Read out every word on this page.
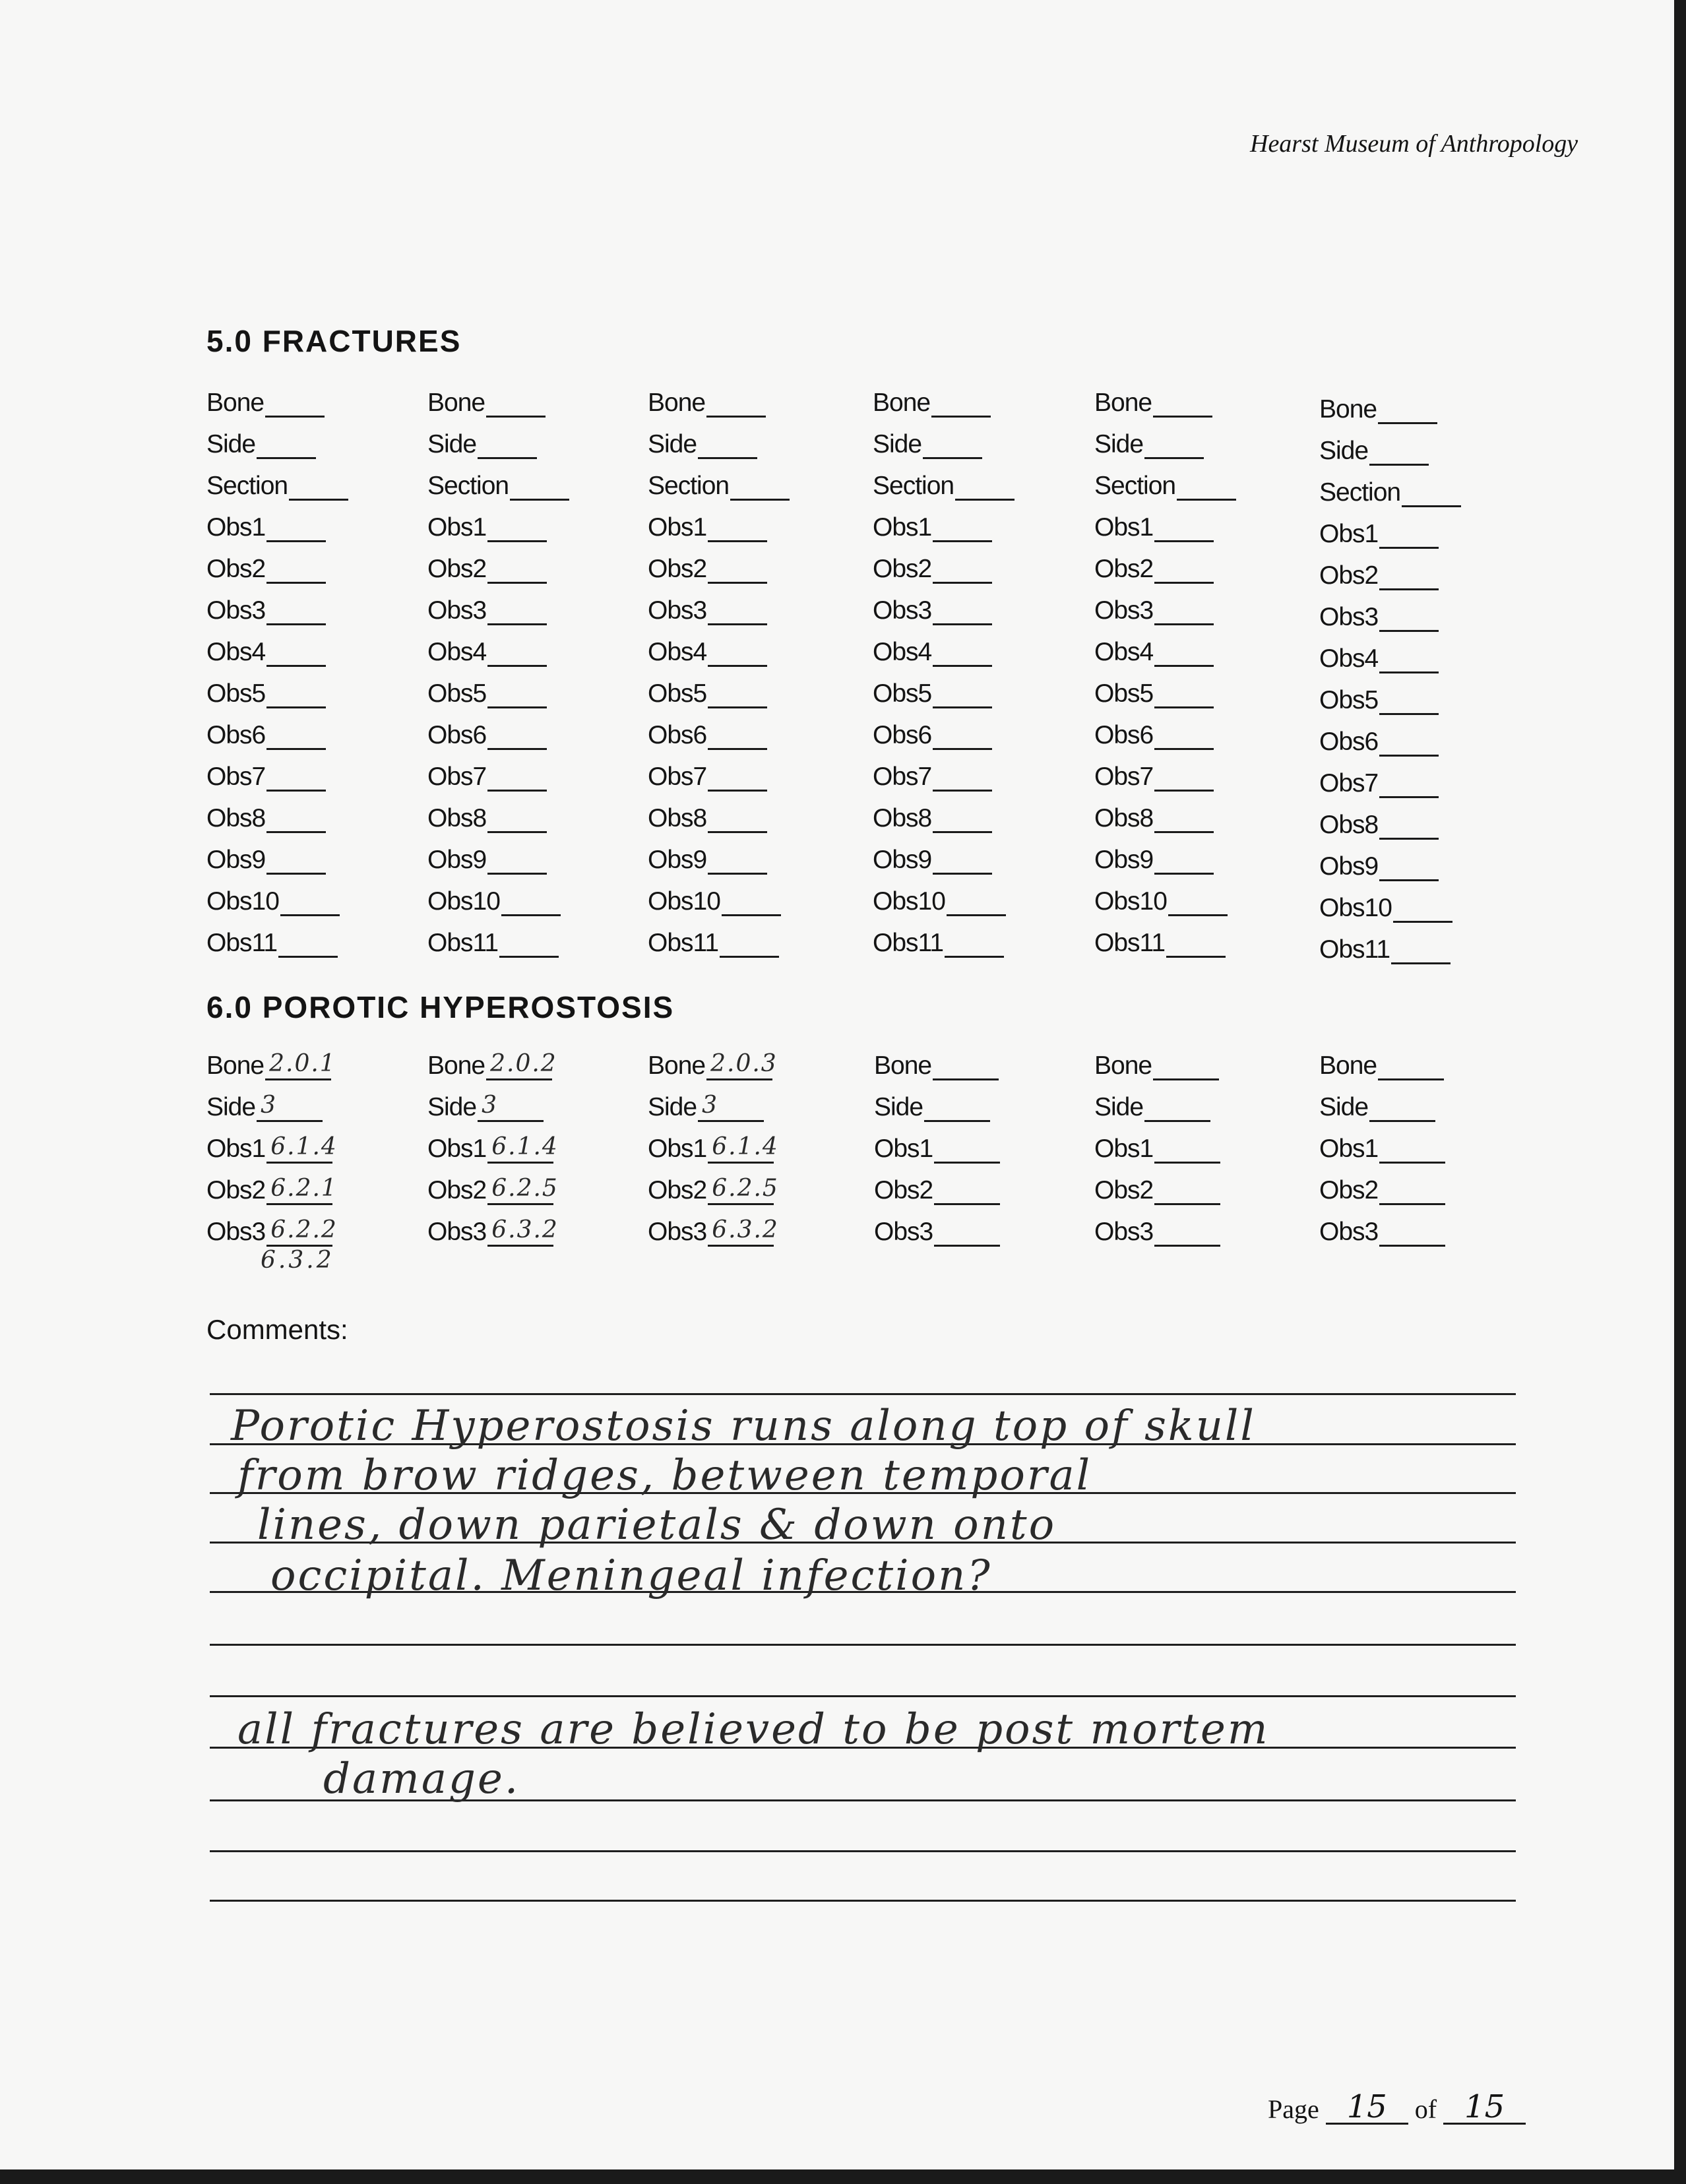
Hearst Museum of Anthropology
5.0 FRACTURES
Bone
Side
Section
Obs1
Obs2
Obs3
Obs4
Obs5
Obs6
Obs7
Obs8
Obs9
Obs10
Obs11
Bone
Side
Section
Obs1
Obs2
Obs3
Obs4
Obs5
Obs6
Obs7
Obs8
Obs9
Obs10
Obs11
Bone
Side
Section
Obs1
Obs2
Obs3
Obs4
Obs5
Obs6
Obs7
Obs8
Obs9
Obs10
Obs11
Bone
Side
Section
Obs1
Obs2
Obs3
Obs4
Obs5
Obs6
Obs7
Obs8
Obs9
Obs10
Obs11
Bone
Side
Section
Obs1
Obs2
Obs3
Obs4
Obs5
Obs6
Obs7
Obs8
Obs9
Obs10
Obs11
Bone
Side
Section
Obs1
Obs2
Obs3
Obs4
Obs5
Obs6
Obs7
Obs8
Obs9
Obs10
Obs11
6.0 POROTIC HYPEROSTOSIS
Bone 2.0.1
Side 3
Obs1 6.1.4
Obs2 6.2.1
Obs3 6.2.2
Bone 2.0.2
Side 3
Obs1 6.1.4
Obs2 6.2.5
Obs3 6.3.2
Bone 2.0.3
Side 3
Obs1 6.1.4
Obs2 6.2.5
Obs3 6.3.2
Bone
Side
Obs1
Obs2
Obs3
Bone
Side
Obs1
Obs2
Obs3
Bone
Side
Obs1
Obs2
Obs3
6.3.2
Comments:
Porotic Hyperostosis runs along top of skull
from brow ridges, between temporal
lines, down parietals & down onto
occipital. Meningeal infection?
all fractures are believed to be post mortem
damage.
Page 15	of 15
